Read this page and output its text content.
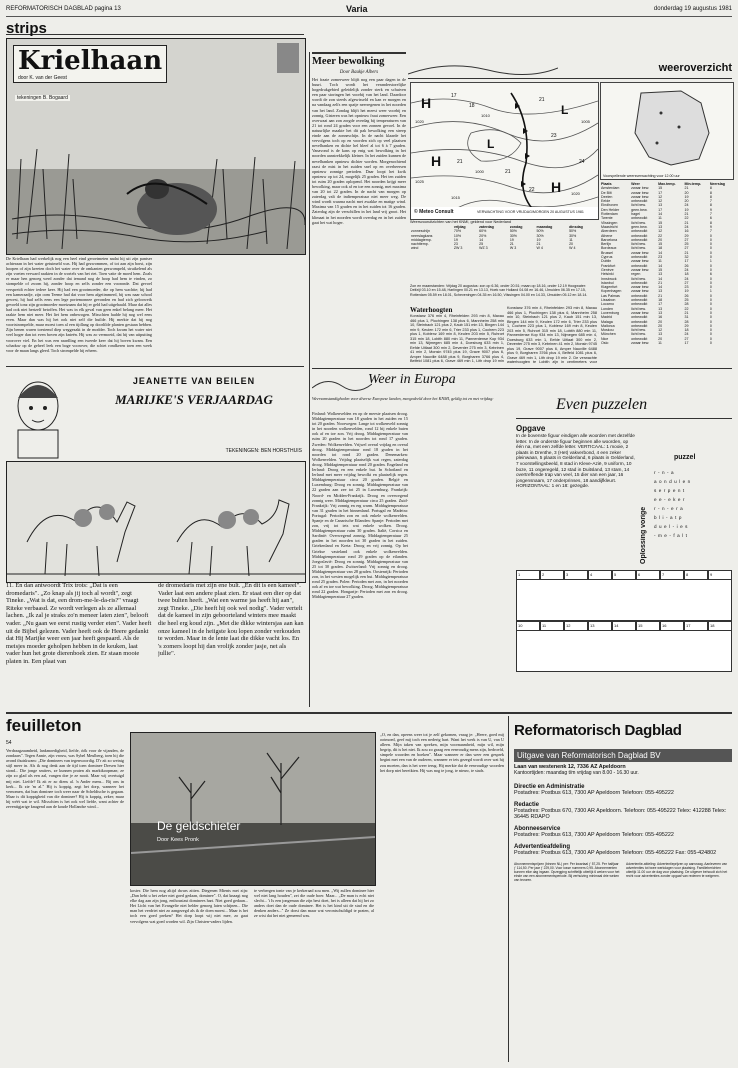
REFORMATORISCH DAGBLAD pagina 13	Varia	donderdag 19 augustus 1981
strips
Krielhaan
door K. van der Geest
tekeningen B. Bogaard
De Krielhaan had werkelijk nog een heel eind geroeimeten nadat hij uit zijn pantser achteraan in het water getuimeld was. Hij had gezwommen, of tot aan zijn borst, zijn hoopen of zijn kreeten doch het water over de omkanten gezwompeld, struikelend als zijn voeten verward raakten in de wortels van het riet. Toen vatte de moed hem. Zoals er maar hen genoeg werd zonder dat iemand nog de hoop had hem te vinden, zo stompelde of zwom hij, zonder hoop en zelfs zonder een vooronde. Dat gevoel verspreidt echter iedere keer. Hij had een grootmoeder, die op hem wachtte; hij had een kameraadje, zijn oom Teeme had dat voor hem afgetimmerd, bij was naar school gewest, hij had zelfs eens een lege portemonnee gevonden en had zich gelooweik gevoeld tonz zijn grootmoeder moeizaam dat hij er geld had uitgehaald. Maar dat alles had ook niet hertzelf betoffen. Het was in elk geval van geen enkel belang meer. Het raakte hem niet meer. Het liet hem onbewogen. Misschien hadde hij nog wel eens even. Maar dan was hij het ook niet zelf die huilde. Hij merkte dat hij nog voortstrompelde, maar moest toen al een tijdlang op doorlilde planten gestaan hebben. Zijn benen waren toestemd diep weggezakt in de modder. Toch kwam het water niet veel hoger dan tot even boven zijn knieën. Hij was zo vermoeid, dat hij van uitputting voorover viel. En het was een raardling een tweede keer dat hij boven kwam. Een schaduw op de geheel leek een boge voorover, die schiet rondkeren toen een week voor de maan langs gleed. Toch strompelde hij erheen.
JEANETTE VAN BEILEN
MARIJKE'S VERJAARDAG
TEKENINGEN: BEN HORSTHUIS
11. En dan antwoordt Trix trots: „Dat is een dromedaris". „Zo knap als jij toch al wordt", zegt Tineke. „Wat is dat, een drom-me-le-da-ris?" vraagt Riteke verbaasd. Ze wordt verlegen als ze allemaal lachen. „Ik zal je straks zo'n meneer laten zien", belooft vader. „Nu gaan we eerst rustig verder eten". Vader heeft uit de Bijbel gelezen. Vader heeft ook de Heere gedankt dat Hij Marijke weer een jaar heeft gespaard. Als de meisjes moeder geholpen hebben in de keuken, laat vader hun het grote dierenboek zien. Er staan mooie platen in. Een plaat van
de dromedaris met zijn ene bult. „En dit is een kameel". Vader laat een andere plaat zien. Er staat een dier op dat twee bulten heeft. „Wat een warme jas heeft hij aan", zegt Tineke. „Die heeft hij ook wel nodig". Vader vertelt dat de kameel in zijn geboorteland winters mee maakt die heel erg koud zijn. „Met die dikke wintersjas aan kan onze kameel in de heiigste kou lopen zonder verkouden te worden. Maar in de lente laat die dikke vacht los. En 's zomers loopt hij dan vrolijk zonder jasje, net als jullie".
Meer bewolking
Door Baukje Albers
Het fraaie zomerweer blijft nog een paar dagen in de buurt. Toch wordt het veranderstorelijke hogedrukgebied geleidelijk zonder sterk en schuiven een paar storingen het voorbij van het land. Daardoor wordt de zon steeds afgewisseld en kan er morgen en na vandaag zelfs een spatje neerregenen in het noorden van het land. Zondag blijft het meest weer voorbij en zonnig. Gisteren was het opnieuw fraai zomerweer. Een overwaai aan zon zorgde overdag bij temperaturen van 21 tot rond 24 graden voor een zonnen gevoel. In de natuurlijke maakte het dit pak bewolking een streep einde aan de zonneschijn. In de nacht klaarde het vervolgens toch op en voorden zich op veel plaatsen nevelbanken en dichte hel bleef al tot 6 à 7 graden. Vanavond is de kans op enig wat bewolking in het noorden aanstrekkelijk kleiner. In het zuiden kunnen de nevelbanken opnieuw dichter worden. Morgenochtend raast de mist in het zuiden snel op en overheersen opnieuw zonnige perioden. Daar loopt het kwik opnieuw op tot 24, mogelijk 25 graden. Het ten zuiden tot ruim 20 graden oplopend. Het noorden krijgt meer bewolking, maar ook af en toe een zonnig, met maxima van 20 tot 22 graden. In de nacht van morgen op zaterdag valt de indtemperatuur niet meer weg. De wind wordt waarna nacht met zwakke en matige wind. Maxima van 15 graden en in het zuiden tot 16 graden. Zaterdag zijn de verschillen in het land vrij groot. Het klimaat in het noorden wordt overdag en in het zuiden gaat het wat hoger.
weeroverzicht
H
H
L
L
H
1020
1025
1015
1010
1000
1005
1020
17
18
21
23
21
21
22
24
© Meteo Consult	VERWACHTING VOOR VRIJDAG/MORGEN 20 AUGUSTUS 1981
Voorspellende weersverwachting voor 12.00 uur
Plaats	Weer	Max.temp.	Min.temp.	Neerslag
Amsterdam	zwaar bew.	15	21	8
De Bilt	zwaar bew.	17	20	8
Deelen	zwaar bew.	12	19	8
Eelde	onbewolkt	12	20	7
Eindhoven	licht bew.	13	24	8
Den Helder	geen.bew.	17	19	9
Rotterdam	hagel	14	21	7
Twente	onbewolkt	11	22	6
Vlissingen	licht bew.	15	21	8
Maastricht	geen.bew.	13	24	9
Aberdeen	onbewolkt	12	16	7
Athene	onbewolkt	22	29	0
Barcelona	onbewolkt	20	27	0
Berlijn	licht bew.	15	25	0
Bordeaux	licht bew.	18	27	0
Brussel	zwaar bew.	14	21	0
Cyprus	onbewolkt	23	32	0
Dublin	zwaar bew.	11	17	1
Frankfurt	onbewolkt	14	26	0
Genève	zwaar bew.	15	24	0
Helsinki	regen	13	18	6
Innsbruck	licht bew.	14	24	0
Istanbul	onbewolkt	21	27	0
Klagenfurt	zwaar bew.	14	23	0
Kopenhagen	zwaar bew.	13	19	1
Las Palmas	onbewolkt	21	26	0
Lissabon	onbewolkt	18	25	0
Locarno	onbewolkt	17	28	0
Londen	licht bew.	13	22	0
Luxemburg	zwaar bew.	13	21	0
Madrid	onbewolkt	16	31	0
Malaga	onbewolkt	20	28	0
Mallorca	onbewolkt	20	29	0
Moskou	licht bew.	12	18	0
München	licht bew.	13	24	0
Nice	onbewolkt	20	27	0
Oslo	zwaar bew.	11	17	0
Weersvooruitzichten van het KNMI, geldend voor Nederland
	vrijdag	zaterdag	zondag	maandag	dinsdag
zonneschijn	70%	60%	50%	50%	50%
neerslagkans	10%	20%	30%	30%	30%
middagtemp.	19	14	19	19	11
nachttemp.	23	25	21	21	20
wind	ZW 3	WZ 3	W 3	W 4	W 4
Zon en maanstanden: Vrijdag 20 augustus: zon op 6.36, onder 20.51; maan op 18.16, onder 12.19 Hoogwater: Delfzijl 03.10 en 15.48, Harlingen 00.21 en 13.13, Hoek van Holland 04.08 en 16.46, IJmuiden 06.35 en 17.15, Rotterdam 05.59 en 18.01, Scheveningen 04.35 en 16.50, Vlissingen 04.00 en 14.33, IJmuiden 05.12 en 18.14.
Waterhoogten
Konstanz 376 min 4, Rheinfelden 293 min 8, Maxau 466 plus 1, Plochingen 138 plus 6, Mannheim 258 min 10, Steinbach 121 plus 2, Kaub 151 min 13, Bingen 144 min 9, Keulen 172 min 6, Trier 233 plus 1, Cochem 223 plus 1, Koblenz 169 min 8, Keulen 203 min 5, Ruhrort 315 min 18, Lobith 880 min 11, Pannerdense Kop 934 min 13, Nijmegen 685 min 4, Doesburg 633 min 1, Eefde Uitlaat 300 min 2, Deventer 275 min 3, Kebrinen 41 min 2, Monsin 9745 plus 19, Grave 9007 plus 6, Amper Nauville 6488 plus 9, Borgharen 3766 plus 4, Belfeld 1081 plus 6, Grave 469 min 1, Lith drop 19 min
Konstanz 376 min 4, Rheinfelden 293 min 8, Maxau 466 plus 1, Plochingen 138 plus 6, Mannheim 258 min 10, Steinbach 121 plus 2, Kaub 151 min 13, Bingen 144 min 9, Keulen 172 min 6, Trier 233 plus 1, Cochem 223 plus 1, Koblenz 169 min 8, Keulen 203 min 5, Ruhrort 315 min 18, Lobith 880 min 11, Pannerdense Kop 934 min 13, Nijmegen 685 min 4, Doesburg 633 min 1, Eefde Uitlaat 300 min 2, Deventer 275 min 3, Kebrinen 41 min 2, Monsin 9745 plus 19, Grave 9007 plus 6, Amper Nauville 6488 plus 9, Borgharen 3766 plus 4, Belfeld 1081 plus 6, Grave 469 min 1, Lith drop 19 min 2. De verwachte waterhoogten te Lobith zijn in centimeters voor
Weer in Europa
Weersomstandigheden voor diverse Europese landen, meegedeeld door het KNMI, geldig tot en met vrijdag:
Finland: Wolkenvelden en op de meeste plaatsen droog. Middagtemperatuur van 18 graden in het zuiden en 15 tot 20 graden. Noorwegen: Lange tot wolkenveld zonnig in het noorden wolkenvelden, rond 12 bij enkele buien ook af en toe zon. Vrij droog. Middagtemperatuur van ruim 20 graden in het noorden tot rond 17 graden. Zweden: Wolkenvelden. Vrijwel overal vrijdag en overal droog. Middagtemperatuur rond 18 graden in het noorden tot rond 20 graden. Denemarken: Wolkenvelden. Vrijdag plaatselijk wat regen, zaterdag droog. Middagtemperatuur rond 20 graden. Engeland en Ierland: Droog en een enkele bui. In Schotland en Ierland met meer vrijdag bewolkt en plaatselijk regen. Middagtemperatuur circa 20 graden. België en Luxemburg: Droog en zonnig. Middagtemperatuur van 22 graden aan zee tot 25 in Luxemburg. Frankrijk: Noord- en Midden-Frankrijk. Droog en overwegend zonnig weer. Middagtemperatuur circa 25 graden. Zuid-Frankrijk: Vrij zonnig en erg warm. Middagtemperatuur van 31 graden in het binnenland. Portugal en Madeira: Portugal: Perioden zon en ook enkele wolkenvelden. Spanje en de Canarische Eilanden: Spanje: Perioden met zon, vrij tot iets wat enkele wolken. Droog. Middagtemperatuur ruim 30 graden. Italië, Corsica en Sardinië: Overwegend zonnig. Middagtemperatuur 25 graden in het noorden tot 30 graden in het zuiden. Griekenland en Kreta: Droog en vrij zonnig. Op het Griekse vasteland ook enkele wolkenvelden. Middagtemperatuur rond 29 graden op de eilanden. Joegoslavië: Droog en zonnig. Middagtemperatuur van 25 tot 30 graden. Zwitserland: Vrij zonnig en droog. Middagtemperatuur van 28 graden. Oostenrijk: Perioden zon, in het westen mogelijk een bui. Middagtemperatuur rond 25 graden. Polen: Perioden met zon, in het noorden ook af en toe wat bewolking. Droog. Middagtemperatuur rond 22 graden. Hongarije: Perioden met zon en droog. Middagtemperatuur 27 graden.
Even puzzelen
Opgave
In de bovenste figuur eindigen alle woorden met dezelfde letter. In de onderste figuur beginnen alle woorden, op één na, met een zelfde letter. VERTICAAL: 1 mooie, 2 plaats in Drenthe, 3 (Het) vakverbond, 4 een zeker pleinwaan, 5 plaats in Gelderland, 6 plaats in Gelderland, 7 voorstellingsbeeld, 8 stad in Kleve-Azië, 9 uniform, 10 boze, 11 ongeregeld, 12 stad in Duitsland, 13 stam, 14 overtreffende trap van veel, 15 dier van een jaar, 16 jongensnaam, 17 onderprinses, 18 aandijfkleurt. HORIZONTAAL: 1 en 18: gezegde.
Oplossing vorige
puzzel
r - n - a
a o n d u l e n
s e r p e n t
e e - e k e r
r - n - e r a
b l i - a t p
d u e l - i e s
- m e - f a l t
1	2	3	4	5	6	7	8	9
10	11	12	13	14	15	16	17	18
feuilleton
54
Verdraagzaamheid, lankmoedigheid, liefde, óók voor de vijanden, de zondaars". Tegen Annie, zijn vrouw, was Sybel Meulberg, toen hij die avond thuiskwam: „Die dominees van tegenwoordig. D'r zit zo weinig stijl meer in. Als ik nog denk aan de tijd toen dominee Dresen hier stond... Die jonge smiters, ze kunnen praten als marktkoopman; ze zijn zo glad als een aal, vangen doe je ze nooit. Maar wij overtuigd mij niet. Liefde? Ik zit er zo diens al. 'n Ander mens... Bij ons in kerk... Ik zie 'm al." Hij is koppig, zegt het dorp, wanneer het vernomen, dat hun dominee toch weer naar de Scheldtsche is gegaan. Maar is dit koppigheid van die dominee? Hij is koppig, zeker; maar hij wéét wat ie wil. Misschien is het ook wel liefde, want achter de zeventigjarige knagend aan de koude Hollandse wind...
De geldschieter
Door Kees Pronk
koster. Die hem nog altijd dwars zitten. Diegenen Mients met zijn: „Dan hebt u het zeker niet goed gedaan, dominee". O, dat knaagt nog elke dag aan zijn jong, enthousiast dominees hart. Niet goed gedaan... Het Licht van het Evangelie niet helder genoeg laten schijnen... Die man het verdriet niet zo aangezegd als ik de doen moest... Maar is het toch een goed preken? Het dorp loopt wij niet mee, zo gaat vervolgens wat goed worden wil. Zijn Christen-vaders lijden.
te verbergen tonte van je kerkeraad zou men. „Wij zullen dominee hier wel niet lang houden", zei die oude boer. Maar... „De man is echt niet slecht... 't Is een jongeman die zijn best doet, het is alleen dat hij het zo anders doet dan de oude dominee. Het is het kind uit de stad en die denken anders..." Ze dorst dan maar wat verontschuldigd te praten, al ze wist dat het niet gemeend was.
„O, en dan, opeens weer tot je zelf gekomen, vraag je: „Heere, goed mij ootmoed, geef mij toch een nederig hart. Want het werk is van U, van U alleen. Mijn taken van spreken, mijn voornaamheid, mijn wil, mijn begrip, dit is het niet. Ik zou zo graag een eenvoudig mens zijn, bedroefd, simpele woorden en boeken". Maar wanneer er dan weer een gesprek begint met een van de ouderen, wanneer er iets gezegd wordt over wat hij zou moeten, dan is het weer terug. Hij merkte dat de eenvoudige woorden het dorp niet bereikten. Hij was nog te jong, te nieuw, te stads.
Reformatorisch Dagblad
Uitgave van Reformatorisch Dagblad BV
Laan van westenenk 12, 7336 AZ Apeldoorn
Kantoortijden: maandag t/m vrijdag van 8.00 - 16.30 uur.
Directie en Administratie
Postadres: Postbus 613, 7300 AP Apeldoorn Telefoon: 055-495222
Redactie
Postadres: Postbus 670, 7300 AR Apeldoorn. Telefoon: 055-495222 Telex: 412288 Telex: 36445 RDAPO
Abonneeservice
Postadres: Postbus 613, 7300 AP Apeldoorn Telefoon: 055-495222
Advertentieafdeling
Postadres: Postbus 613, 7300 AP Apeldoorn Telefoon: 055-495222 Fax: 055-424802
Abonnementsprijzen (binnen NL) per: Per kwartaal ƒ 57,25. Per halfjaar ƒ 114,50. Per jaar ƒ 229,00. Voor losse nummers 0,95. Abonnementen kunnen elke dag ingaan. Opzegging schriftelijk uiterlijk 6 weken voor het einde van een abonnementsperiode. Bij verhuizing minimaal drie weken van tevoren.
Advertentie-afdeling: Advertentieprijzen op aanvraag. Aanleveren van advertenties tot twee werkdagen voor plaatsing. Familieberichten uiterlijk 11.00 uur de dag voor plaatsing. De uitgever behoudt zich het recht voor advertenties zonder opgaaf van redenen te weigeren.
